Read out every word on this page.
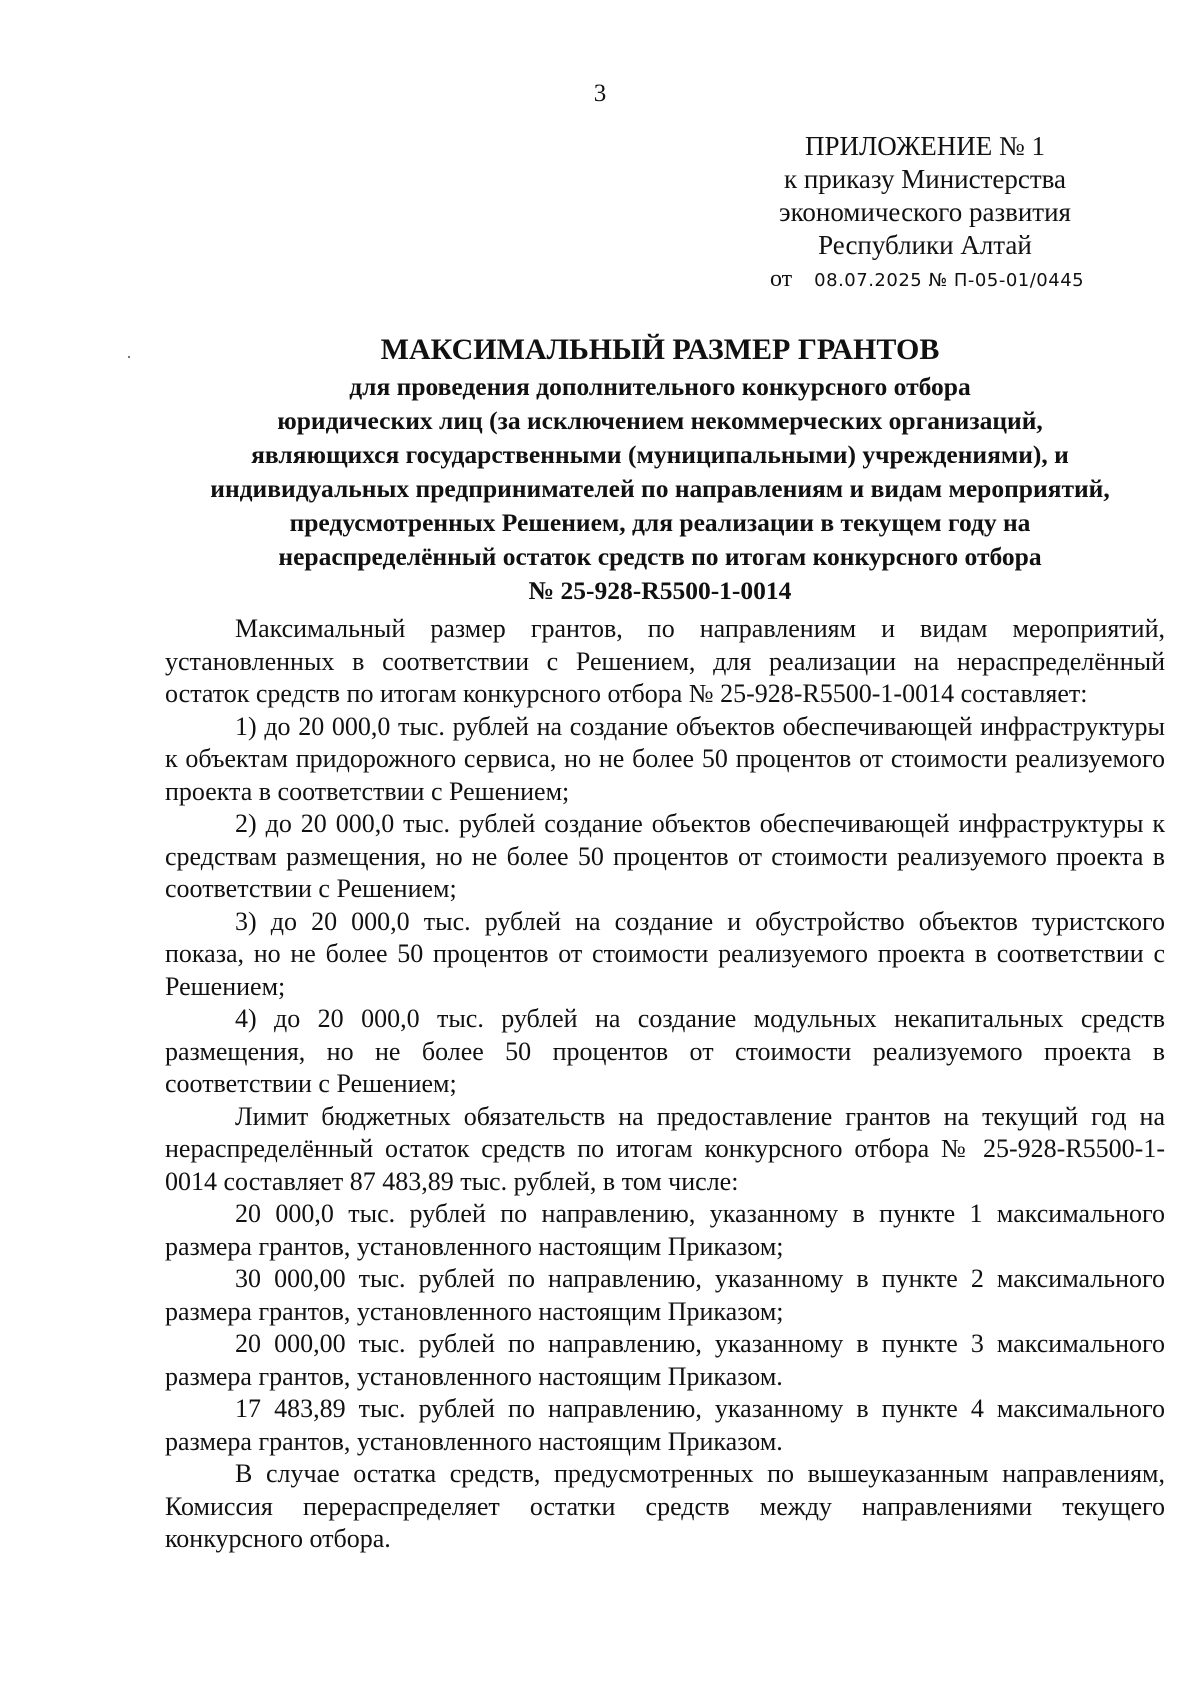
3
ПРИЛОЖЕНИЕ № 1
к приказу Министерства
экономического развития
Республики Алтай
от 08.07.2025 № П-05-01/0445
МАКСИМАЛЬНЫЙ РАЗМЕР ГРАНТОВ
для проведения дополнительного конкурсного отбора
юридических лиц (за исключением некоммерческих организаций,
являющихся государственными (муниципальными) учреждениями), и
индивидуальных предпринимателей по направлениям и видам мероприятий,
предусмотренных Решением, для реализации в текущем году на
нераспределённый остаток средств по итогам конкурсного отбора
№ 25-928-R5500-1-0014

Максимальный размер грантов, по направлениям и видам мероприятий, установленных в соответствии с Решением, для реализации на нераспределённый остаток средств по итогам конкурсного отбора № 25-928-R5500-1-0014 составляет:

1) до 20 000,0 тыс. рублей на создание объектов обеспечивающей инфраструктуры к объектам придорожного сервиса, но не более 50 процентов от стоимости реализуемого проекта в соответствии с Решением;

2) до 20 000,0 тыс. рублей создание объектов обеспечивающей инфраструктуры к средствам размещения, но не более 50 процентов от стоимости реализуемого проекта в соответствии с Решением;

3) до 20 000,0 тыс. рублей на создание и обустройство объектов туристского показа, но не более 50 процентов от стоимости реализуемого проекта в соответствии с Решением;

4) до 20 000,0 тыс. рублей на создание модульных некапитальных средств размещения, но не более 50 процентов от стоимости реализуемого проекта в соответствии с Решением;

Лимит бюджетных обязательств на предоставление грантов на текущий год на нераспределённый остаток средств по итогам конкурсного отбора № 25-928-R5500-1-0014 составляет 87 483,89 тыс. рублей, в том числе:

20 000,0 тыс. рублей по направлению, указанному в пункте 1 максимального размера грантов, установленного настоящим Приказом;

30 000,00 тыс. рублей по направлению, указанному в пункте 2 максимального размера грантов, установленного настоящим Приказом;

20 000,00 тыс. рублей по направлению, указанному в пункте 3 максимального размера грантов, установленного настоящим Приказом.

17 483,89 тыс. рублей по направлению, указанному в пункте 4 максимального размера грантов, установленного настоящим Приказом.

В случае остатка средств, предусмотренных по вышеуказанным направлениям, Комиссия перераспределяет остатки средств между направлениями текущего конкурсного отбора.
